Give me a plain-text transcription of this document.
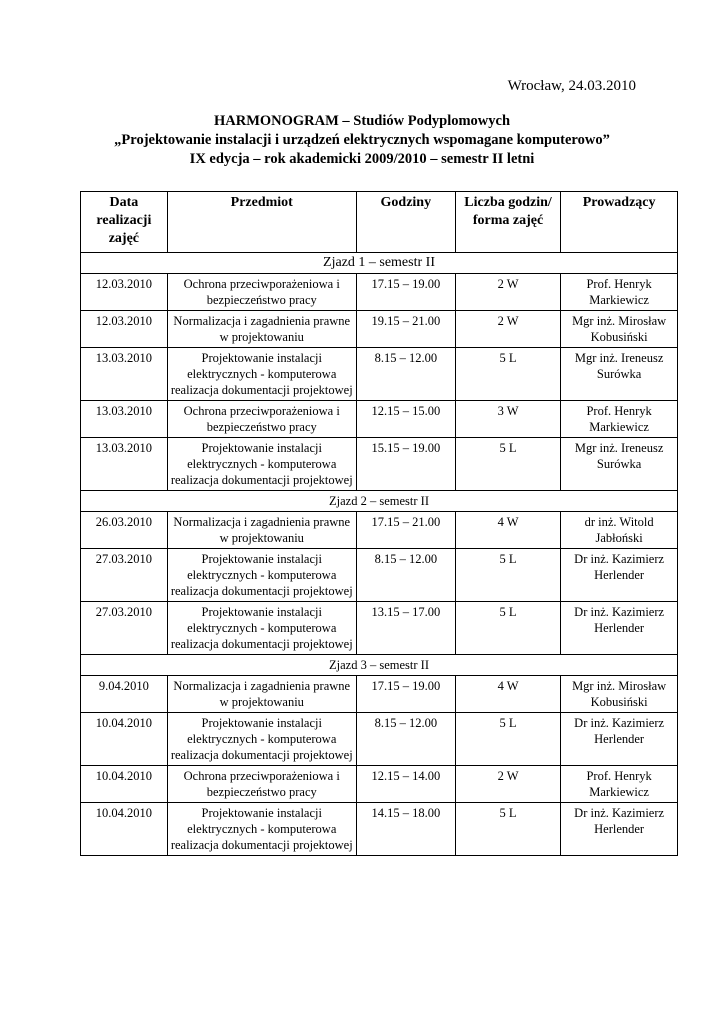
Wrocław, 24.03.2010
HARMONOGRAM – Studiów Podyplomowych
„Projektowanie instalacji i urządzeń elektrycznych wspomagane komputerowo”
IX edycja – rok akademicki 2009/2010 – semestr II letni
Data realizacji zajęć	Przedmiot	Godziny	Liczba godzin/ forma zajęć	Prowadzący
Zjazd 1 – semestr II				
12.03.2010	Ochrona przeciwporażeniowa i bezpieczeństwo pracy	17.15 – 19.00	2 W	Prof. Henryk Markiewicz
12.03.2010	Normalizacja i zagadnienia prawne w projektowaniu	19.15 – 21.00	2 W	Mgr inż. Mirosław Kobusiński
13.03.2010	Projektowanie instalacji elektrycznych - komputerowa realizacja dokumentacji projektowej	8.15 – 12.00	5 L	Mgr inż. Ireneusz Surówka
13.03.2010	Ochrona przeciwporażeniowa i bezpieczeństwo pracy	12.15 – 15.00	3 W	Prof. Henryk Markiewicz
13.03.2010	Projektowanie instalacji elektrycznych - komputerowa realizacja dokumentacji projektowej	15.15 – 19.00	5 L	Mgr inż. Ireneusz Surówka
Zjazd 2 – semestr II				
26.03.2010	Normalizacja i zagadnienia prawne w projektowaniu	17.15 – 21.00	4 W	dr inż. Witold Jabłoński
27.03.2010	Projektowanie instalacji elektrycznych - komputerowa realizacja dokumentacji projektowej	8.15 – 12.00	5 L	Dr inż. Kazimierz Herlender
27.03.2010	Projektowanie instalacji elektrycznych - komputerowa realizacja dokumentacji projektowej	13.15 – 17.00	5 L	Dr inż. Kazimierz Herlender
Zjazd 3 – semestr II				
9.04.2010	Normalizacja i zagadnienia prawne w projektowaniu	17.15 – 19.00	4 W	Mgr inż. Mirosław Kobusiński
10.04.2010	Projektowanie instalacji elektrycznych - komputerowa realizacja dokumentacji projektowej	8.15 – 12.00	5 L	Dr inż. Kazimierz Herlender
10.04.2010	Ochrona przeciwporażeniowa i bezpieczeństwo pracy	12.15 – 14.00	2 W	Prof. Henryk Markiewicz
10.04.2010	Projektowanie instalacji elektrycznych - komputerowa realizacja dokumentacji projektowej	14.15 – 18.00	5 L	Dr inż. Kazimierz Herlender
